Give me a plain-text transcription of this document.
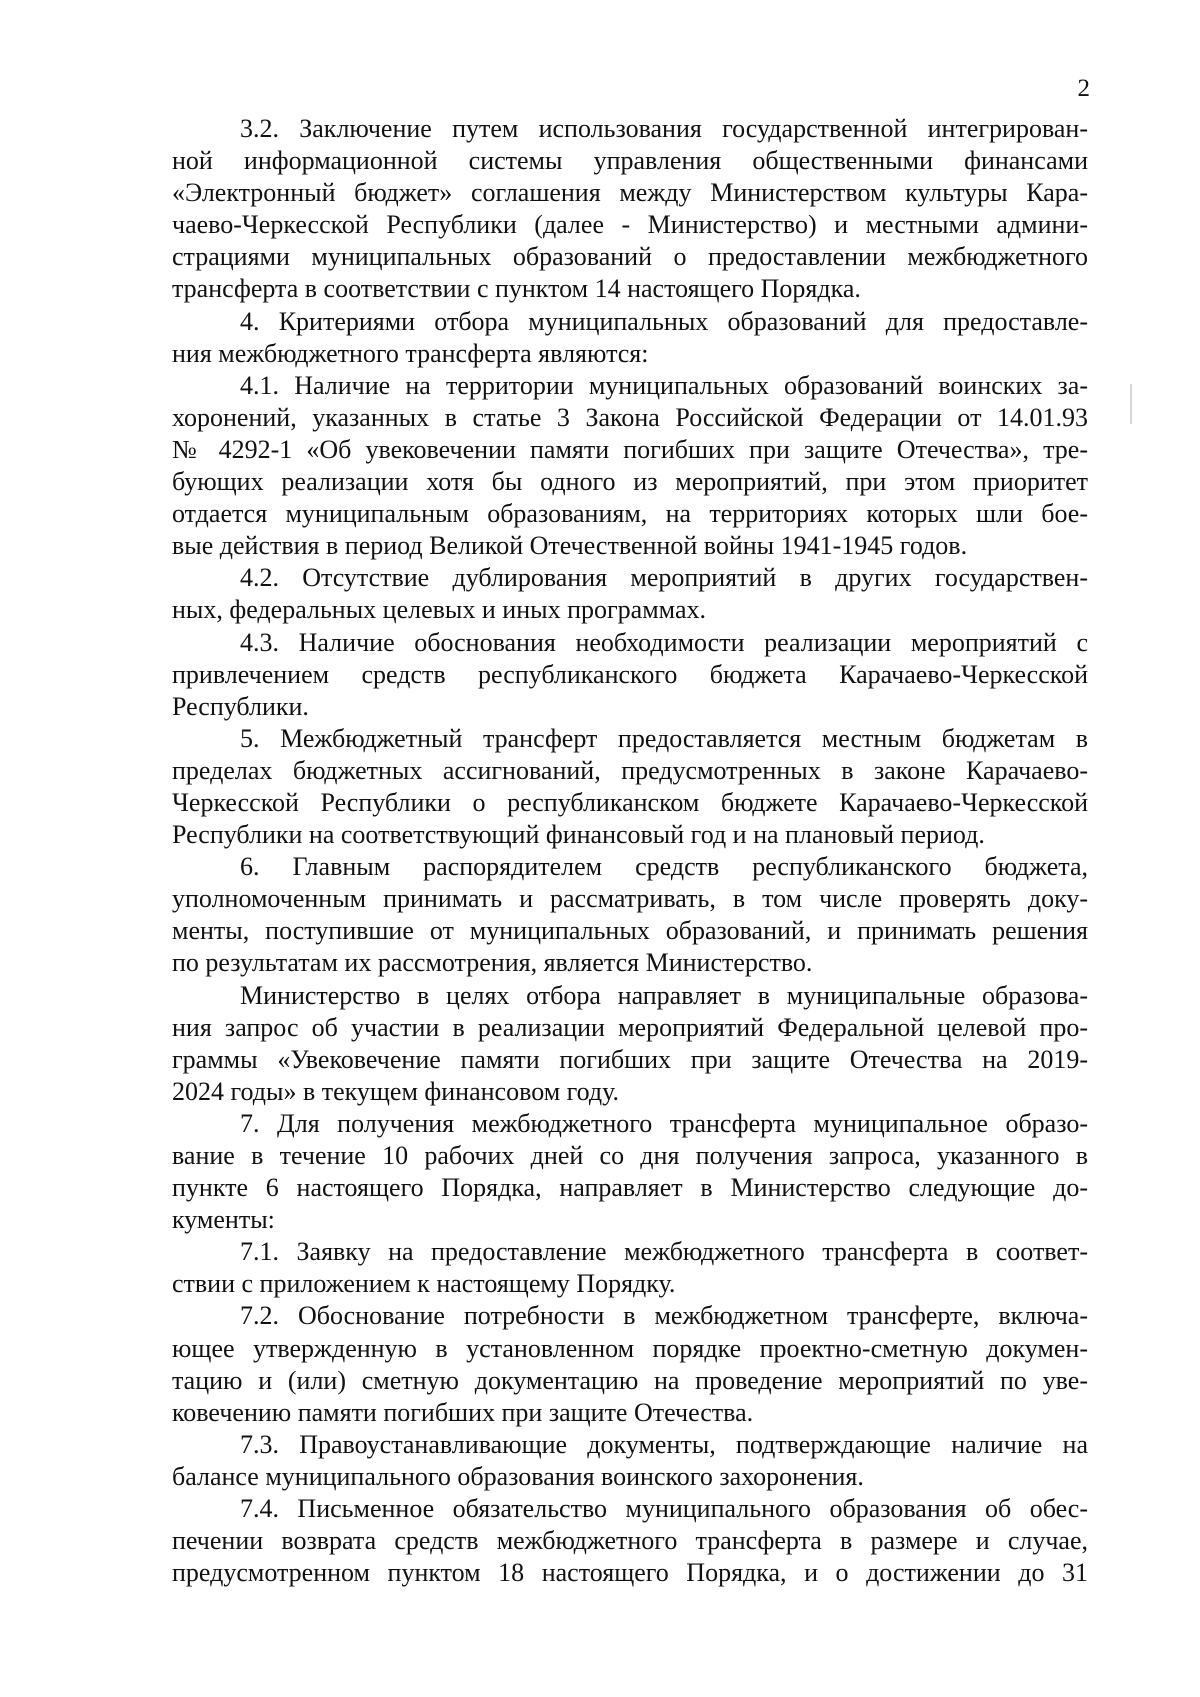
2
3.2. Заключение путем использования государственной интегрирован-
ной информационной системы управления общественными финансами
«Электронный бюджет» соглашения между Министерством культуры Кара-
чаево-Черкесской Республики (далее - Министерство) и местными админи-
страциями муниципальных образований о предоставлении межбюджетного
трансферта в соответствии с пунктом 14 настоящего Порядка.
4. Критериями отбора муниципальных образований для предоставле-
ния межбюджетного трансферта являются:
4.1. Наличие на территории муниципальных образований воинских за-
хоронений, указанных в статье 3 Закона Российской Федерации от 14.01.93
№ 4292-1 «Об увековечении памяти погибших при защите Отечества», тре-
бующих реализации хотя бы одного из мероприятий, при этом приоритет
отдается муниципальным образованиям, на территориях которых шли бое-
вые действия в период Великой Отечественной войны 1941-1945 годов.
4.2. Отсутствие дублирования мероприятий в других государствен-
ных, федеральных целевых и иных программах.
4.3. Наличие обоснования необходимости реализации мероприятий с
привлечением средств республиканского бюджета Карачаево-Черкесской
Республики.
5. Межбюджетный трансферт предоставляется местным бюджетам в
пределах бюджетных ассигнований, предусмотренных в законе Карачаево-
Черкесской Республики о республиканском бюджете Карачаево-Черкесской
Республики на соответствующий финансовый год и на плановый период.
6. Главным распорядителем средств республиканского бюджета,
уполномоченным принимать и рассматривать, в том числе проверять доку-
менты, поступившие от муниципальных образований, и принимать решения
по результатам их рассмотрения, является Министерство.
Министерство в целях отбора направляет в муниципальные образова-
ния запрос об участии в реализации мероприятий Федеральной целевой про-
граммы «Увековечение памяти погибших при защите Отечества на 2019-
2024 годы» в текущем финансовом году.
7. Для получения межбюджетного трансферта муниципальное образо-
вание в течение 10 рабочих дней со дня получения запроса, указанного в
пункте 6 настоящего Порядка, направляет в Министерство следующие до-
кументы:
7.1. Заявку на предоставление межбюджетного трансферта в соответ-
ствии с приложением к настоящему Порядку.
7.2. Обоснование потребности в межбюджетном трансферте, включа-
ющее утвержденную в установленном порядке проектно-сметную докумен-
тацию и (или) сметную документацию на проведение мероприятий по уве-
ковечению памяти погибших при защите Отечества.
7.3. Правоустанавливающие документы, подтверждающие наличие на
балансе муниципального образования воинского захоронения.
7.4. Письменное обязательство муниципального образования об обес-
печении возврата средств межбюджетного трансферта в размере и случае,
предусмотренном пунктом 18 настоящего Порядка, и о достижении до 31
